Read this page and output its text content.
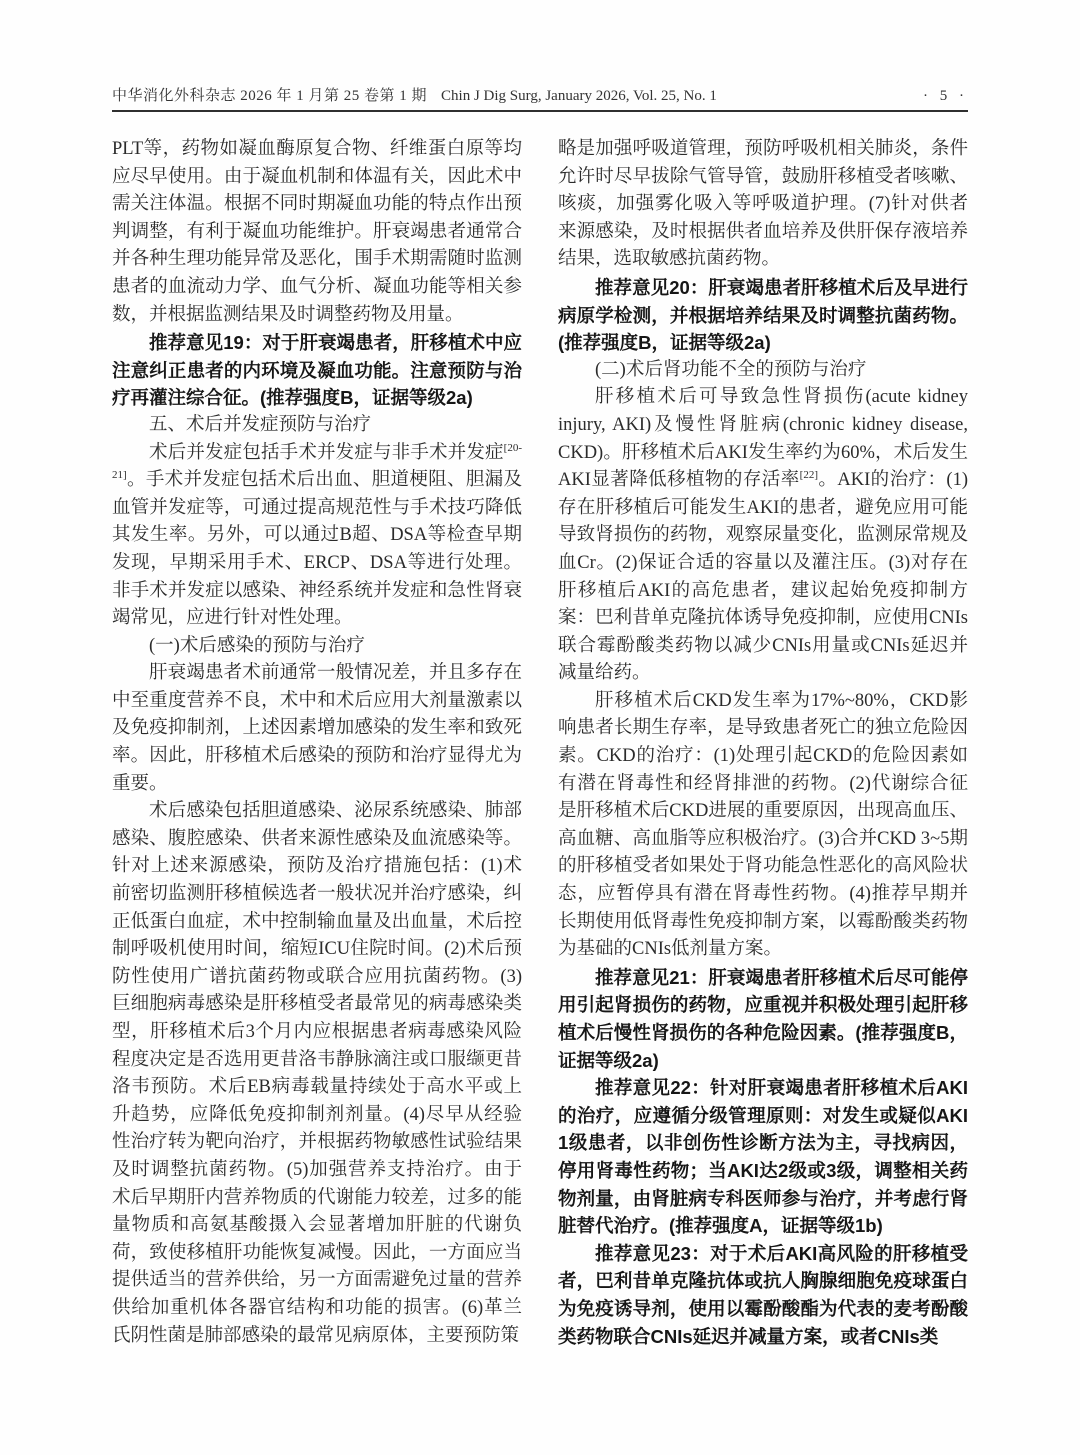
中华消化外科杂志 2026 年 1 月第 25 卷第 1 期 Chin J Dig Surg, January 2026, Vol. 25, No. 1	· 5 ·

PLT等，药物如凝血酶原复合物、纤维蛋白原等均应尽早使用。由于凝血机制和体温有关，因此术中需关注体温。根据不同时期凝血功能的特点作出预判调整，有利于凝血功能维护。肝衰竭患者通常合并各种生理功能异常及恶化，围手术期需随时监测患者的血流动力学、血气分析、凝血功能等相关参数，并根据监测结果及时调整药物及用量。

推荐意见19：对于肝衰竭患者，肝移植术中应注意纠正患者的内环境及凝血功能。注意预防与治疗再灌注综合征。(推荐强度B，证据等级2a)

五、术后并发症预防与治疗

术后并发症包括手术并发症与非手术并发症[20-21]。手术并发症包括术后出血、胆道梗阻、胆漏及血管并发症等，可通过提高规范性与手术技巧降低其发生率。另外，可以通过B超、DSA等检查早期发现，早期采用手术、ERCP、DSA等进行处理。非手术并发症以感染、神经系统并发症和急性肾衰竭常见，应进行针对性处理。

(一)术后感染的预防与治疗

肝衰竭患者术前通常一般情况差，并且多存在中至重度营养不良，术中和术后应用大剂量激素以及免疫抑制剂，上述因素增加感染的发生率和致死率。因此，肝移植术后感染的预防和治疗显得尤为重要。

术后感染包括胆道感染、泌尿系统感染、肺部感染、腹腔感染、供者来源性感染及血流感染等。针对上述来源感染，预防及治疗措施包括：(1)术前密切监测肝移植候选者一般状况并治疗感染，纠正低蛋白血症，术中控制输血量及出血量，术后控制呼吸机使用时间，缩短ICU住院时间。(2)术后预防性使用广谱抗菌药物或联合应用抗菌药物。(3)巨细胞病毒感染是肝移植受者最常见的病毒感染类型，肝移植术后3个月内应根据患者病毒感染风险程度决定是否选用更昔洛韦静脉滴注或口服缬更昔洛韦预防。术后EB病毒载量持续处于高水平或上升趋势，应降低免疫抑制剂剂量。(4)尽早从经验性治疗转为靶向治疗，并根据药物敏感性试验结果及时调整抗菌药物。(5)加强营养支持治疗。由于术后早期肝内营养物质的代谢能力较差，过多的能量物质和高氨基酸摄入会显著增加肝脏的代谢负荷，致使移植肝功能恢复减慢。因此，一方面应当提供适当的营养供给，另一方面需避免过量的营养供给加重机体各器官结构和功能的损害。(6)革兰氏阴性菌是肺部感染的最常见病原体，主要预防策

略是加强呼吸道管理，预防呼吸机相关肺炎，条件允许时尽早拔除气管导管，鼓励肝移植受者咳嗽、咳痰，加强雾化吸入等呼吸道护理。(7)针对供者来源感染，及时根据供者血培养及供肝保存液培养结果，选取敏感抗菌药物。

推荐意见20：肝衰竭患者肝移植术后及早进行病原学检测，并根据培养结果及时调整抗菌药物。(推荐强度B，证据等级2a)

(二)术后肾功能不全的预防与治疗

肝移植术后可导致急性肾损伤(acute kidney injury, AKI)及慢性肾脏病(chronic kidney disease, CKD)。肝移植术后AKI发生率约为60%，术后发生AKI显著降低移植物的存活率[22]。AKI的治疗：(1)存在肝移植后可能发生AKI的患者，避免应用可能导致肾损伤的药物，观察尿量变化，监测尿常规及血Cr。(2)保证合适的容量以及灌注压。(3)对存在肝移植后AKI的高危患者，建议起始免疫抑制方案：巴利昔单克隆抗体诱导免疫抑制，应使用CNIs联合霉酚酸类药物以减少CNIs用量或CNIs延迟并减量给药。

肝移植术后CKD发生率为17%~80%，CKD影响患者长期生存率，是导致患者死亡的独立危险因素。CKD的治疗：(1)处理引起CKD的危险因素如有潜在肾毒性和经肾排泄的药物。(2)代谢综合征是肝移植术后CKD进展的重要原因，出现高血压、高血糖、高血脂等应积极治疗。(3)合并CKD 3~5期的肝移植受者如果处于肾功能急性恶化的高风险状态，应暂停具有潜在肾毒性药物。(4)推荐早期并长期使用低肾毒性免疫抑制方案，以霉酚酸类药物为基础的CNIs低剂量方案。

推荐意见21：肝衰竭患者肝移植术后尽可能停用引起肾损伤的药物，应重视并积极处理引起肝移植术后慢性肾损伤的各种危险因素。(推荐强度B，证据等级2a)

推荐意见22：针对肝衰竭患者肝移植术后AKI的治疗，应遵循分级管理原则：对发生或疑似AKI 1级患者，以非创伤性诊断方法为主，寻找病因，停用肾毒性药物；当AKI达2级或3级，调整相关药物剂量，由肾脏病专科医师参与治疗，并考虑行肾脏替代治疗。(推荐强度A，证据等级1b)

推荐意见23：对于术后AKI高风险的肝移植受者，巴利昔单克隆抗体或抗人胸腺细胞免疫球蛋白为免疫诱导剂，使用以霉酚酸酯为代表的麦考酚酸类药物联合CNIs延迟并减量方案，或者CNIs类
